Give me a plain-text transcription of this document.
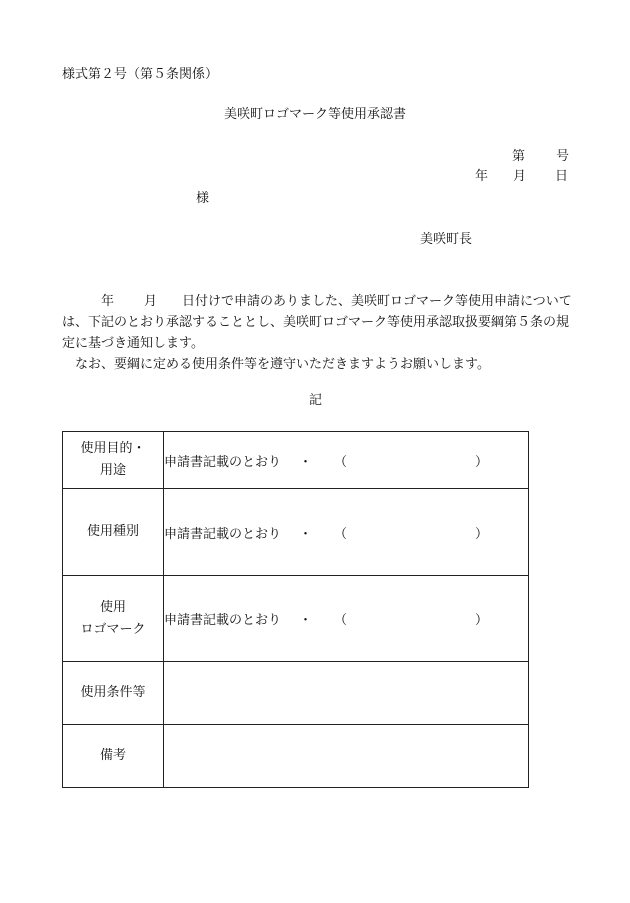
様式第２号（第５条関係）
美咲町ロゴマーク等使用承認書
第 号
年 月 日
様
美咲町長

年 月 日付けで申請のありました、美咲町ロゴマーク等使用申請については、下記のとおり承認することとし、美咲町ロゴマーク等使用承認取扱要綱第５条の規定に基づき通知します。

なお、要綱に定める使用条件等を遵守いただきますようお願いします。

記
使用目的・
用途	申請書記載のとおり ・ （ ）

使用種別	申請書記載のとおり ・ （ ）

使用
ロゴマーク	申請書記載のとおり ・ （ ）

使用条件等	

備考	
